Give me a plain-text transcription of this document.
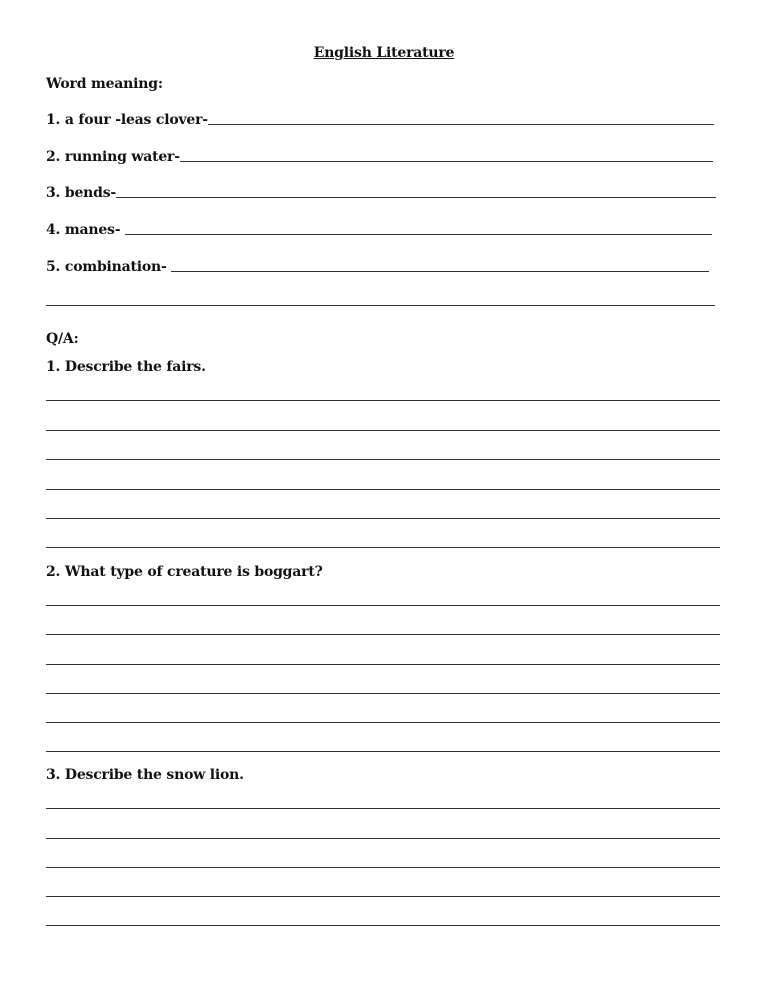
English Literature
Word meaning:
1. a four -leas clover-
2. running water-
3. bends-
4. manes-
5. combination-
Q/A:
1. Describe the fairs.
2. What type of creature is boggart?
3. Describe the snow lion.
